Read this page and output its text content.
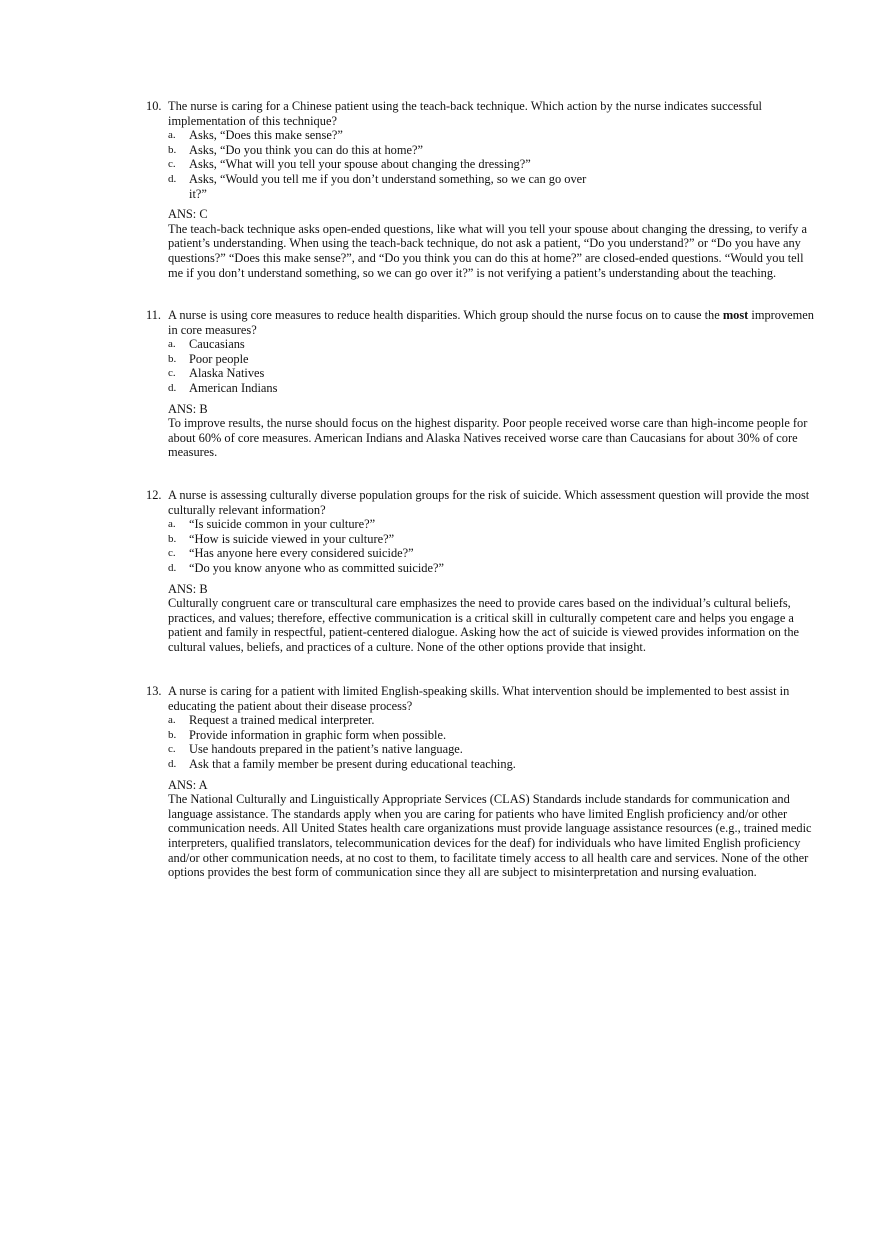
10. The nurse is caring for a Chinese patient using the teach-back technique. Which action by the nurse indicates successful
implementation of this technique?
a.	Asks, “Does this make sense?”
b.	Asks, “Do you think you can do this at home?”
c.	Asks, “What will you tell your spouse about changing the dressing?”
d.	Asks, “Would you tell me if you don’t understand something, so we can go over
it?”
ANS: C
The teach-back technique asks open-ended questions, like what will you tell your spouse about changing the dressing, to verify a
patient’s understanding. When using the teach-back technique, do not ask a patient, “Do you understand?” or “Do you have any
questions?” “Does this make sense?”, and “Do you think you can do this at home?” are closed-ended questions. “Would you tell
me if you don’t understand something, so we can go over it?” is not verifying a patient’s understanding about the teaching.
11. A nurse is using core measures to reduce health disparities. Which group should the nurse focus on to cause the most improvemen
in core measures?
a.	Caucasians
b.	Poor people
c.	Alaska Natives
d.	American Indians
ANS: B
To improve results, the nurse should focus on the highest disparity. Poor people received worse care than high-income people for
about 60% of core measures. American Indians and Alaska Natives received worse care than Caucasians for about 30% of core
measures.
12. A nurse is assessing culturally diverse population groups for the risk of suicide. Which assessment question will provide the most
culturally relevant information?
a.	“Is suicide common in your culture?”
b.	“How is suicide viewed in your culture?”
c.	“Has anyone here every considered suicide?”
d.	“Do you know anyone who as committed suicide?”
ANS: B
Culturally congruent care or transcultural care emphasizes the need to provide cares based on the individual’s cultural beliefs,
practices, and values; therefore, effective communication is a critical skill in culturally competent care and helps you engage a
patient and family in respectful, patient-centered dialogue. Asking how the act of suicide is viewed provides information on the
cultural values, beliefs, and practices of a culture. None of the other options provide that insight.
13. A nurse is caring for a patient with limited English-speaking skills. What intervention should be implemented to best assist in
educating the patient about their disease process?
a.	Request a trained medical interpreter.
b.	Provide information in graphic form when possible.
c.	Use handouts prepared in the patient’s native language.
d.	Ask that a family member be present during educational teaching.
ANS: A
The National Culturally and Linguistically Appropriate Services (CLAS) Standards include standards for communication and
language assistance. The standards apply when you are caring for patients who have limited English proficiency and/or other
communication needs. All United States health care organizations must provide language assistance resources (e.g., trained medic
interpreters, qualified translators, telecommunication devices for the deaf) for individuals who have limited English proficiency
and/or other communication needs, at no cost to them, to facilitate timely access to all health care and services. None of the other
options provides the best form of communication since they all are subject to misinterpretation and nursing evaluation.
